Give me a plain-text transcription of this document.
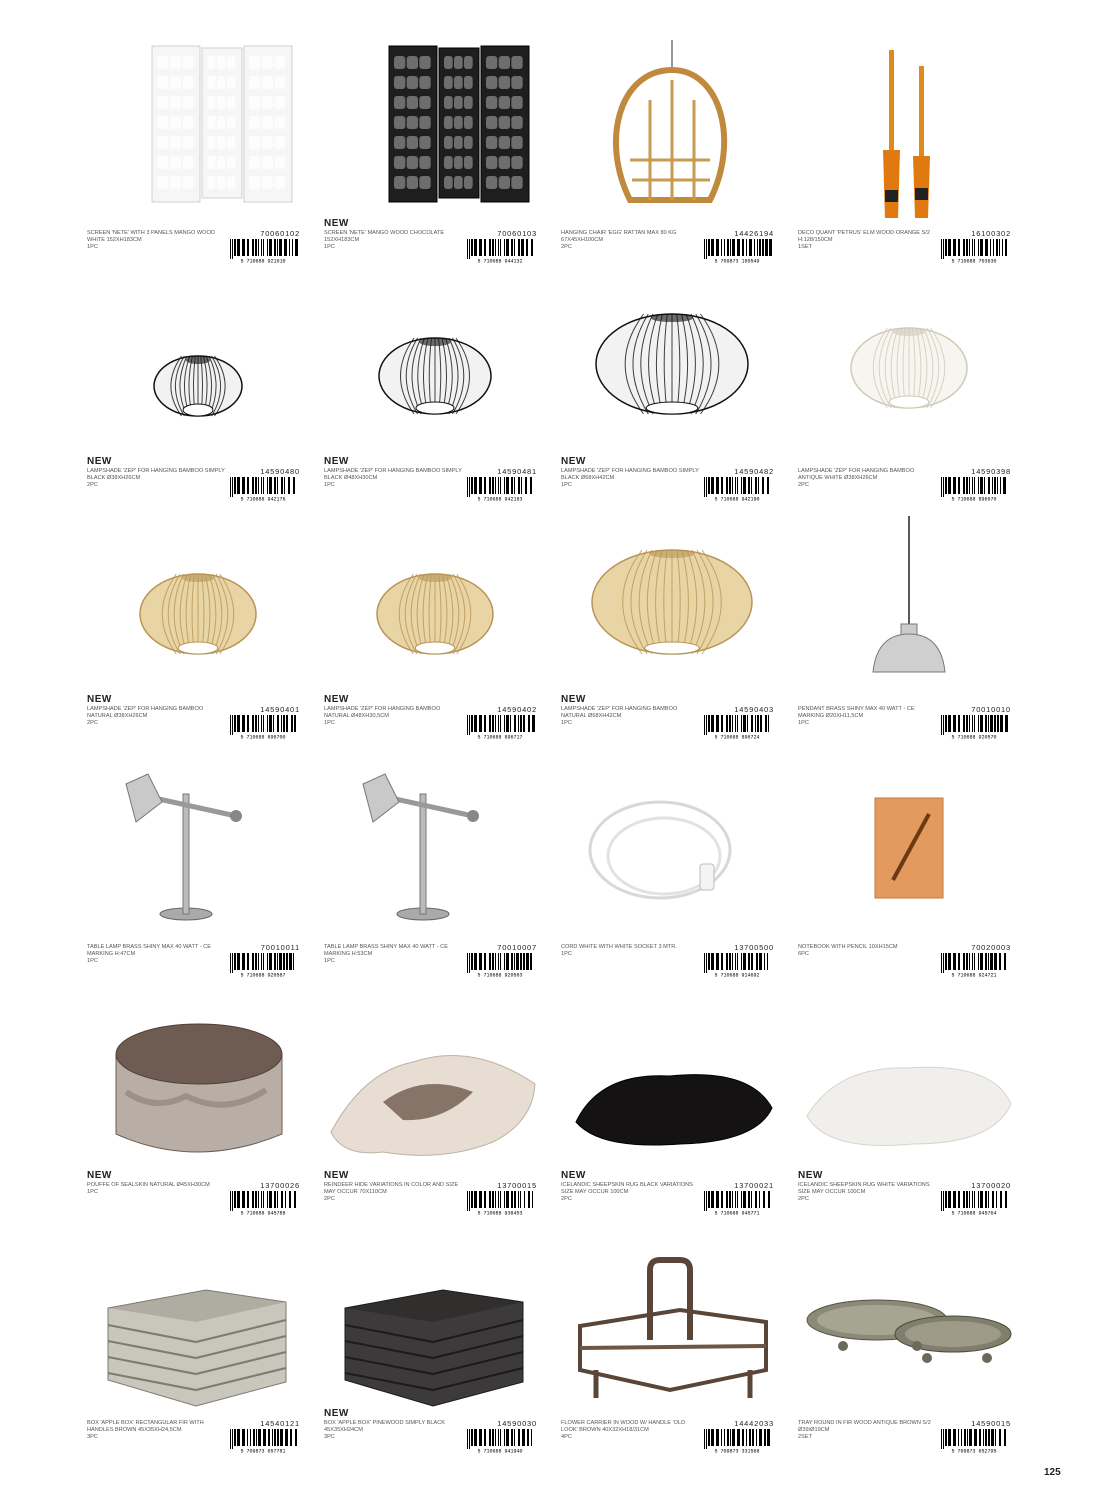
SCREEN 'NETE' WITH 3 PANELS MANGO WOOD WHITE 152XH183CM
1PC
70060102
5 710688 921010
NEW
SCREEN 'NETE' MANGO WOOD CHOCOLATE 152XH183CM
1PC
70060103
5 710688 944132
HANGING CHAIR 'EGG' RATTAN MAX 80 KG 67X45XH100CM
2PC
14426194
5 709873 160549
DECO QUANT 'PETRUS' ELM WOOD ORANGE S/2 H:128/150CM
1SET
16100302
5 710688 703630
NEW
LAMPSHADE 'ZEP' FOR HANGING BAMBOO SIMPLY BLACK Ø38XH26CM
2PC
14590480
5 710688 942176
NEW
LAMPSHADE 'ZEP' FOR HANGING BAMBOO SIMPLY BLACK Ø48XH30CM
1PC
14590481
5 710688 942183
NEW
LAMPSHADE 'ZEP' FOR HANGING BAMBOO SIMPLY BLACK Ø68XH42CM
1PC
14590482
5 710688 942190
LAMPSHADE 'ZEP' FOR HANGING BAMBOO ANTIQUE WHITE Ø38XH26CM
2PC
14590398
5 710688 896670
NEW
LAMPSHADE 'ZEP' FOR HANGING BAMBOO NATURAL Ø38XH26CM
2PC
14590401
5 710688 896700
NEW
LAMPSHADE 'ZEP' FOR HANGING BAMBOO NATURAL Ø48XH30,5CM
1PC
14590402
5 710688 896717
NEW
LAMPSHADE 'ZEP' FOR HANGING BAMBOO NATURAL Ø68XH42CM
1PC
14590403
5 710688 896724
PENDANT BRASS SHINY MAX 40 WATT - CE MARKING Ø20XH11,5CM
1PC
70010010
5 710688 920570
TABLE LAMP BRASS SHINY MAX 40 WATT - CE MARKING H:47CM
1PC
70010011
5 710688 920587
TABLE LAMP BRASS SHINY MAX 40 WATT - CE MARKING H:53CM
1PC
70010007
5 710688 920563
CORD WHITE WITH WHITE SOCKET 3 MTR.
1PC
13700500
5 710688 914692
NOTEBOOK WITH PENCIL 10XH15CM
6PC
70020003
5 710688 924721
NEW
POUFFE OF SEALSKIN NATURAL Ø45XH30CM
1PC
13700026
5 710688 945788
NEW
REINDEER HIDE VARIATIONS IN COLOR AND SIZE MAY OCCUR 70X110CM
2PC
13700015
5 710688 938453
NEW
ICELANDIC SHEEPSKIN RUG BLACK VARIATIONS SIZE MAY OCCUR 100CM
2PC
13700021
5 710688 945771
NEW
ICELANDIC SHEEPSKIN RUG WHITE VARIATIONS SIZE MAY OCCUR 100CM
2PC
13700020
5 710688 945764
BOX 'APPLE BOX' RECTANGULAR FIR WITH HANDLES BROWN 45X35XH24,5CM
3PC
14540121
5 709873 657781
NEW
BOX 'APPLE BOX' PINEWOOD SIMPLY BLACK 45X35XH24CM
3PC
14590030
5 710688 941940
FLOWER CARRIER IN WOOD W/ HANDLE 'OLD LOOK' BROWN 40X32XH18/31CM
4PC
14442033
5 709873 331568
TRAY ROUND IN FIR WOOD ANTIQUE BROWN S/2 Ø39/Ø19CM
2SET
14590015
5 709873 652795
125
